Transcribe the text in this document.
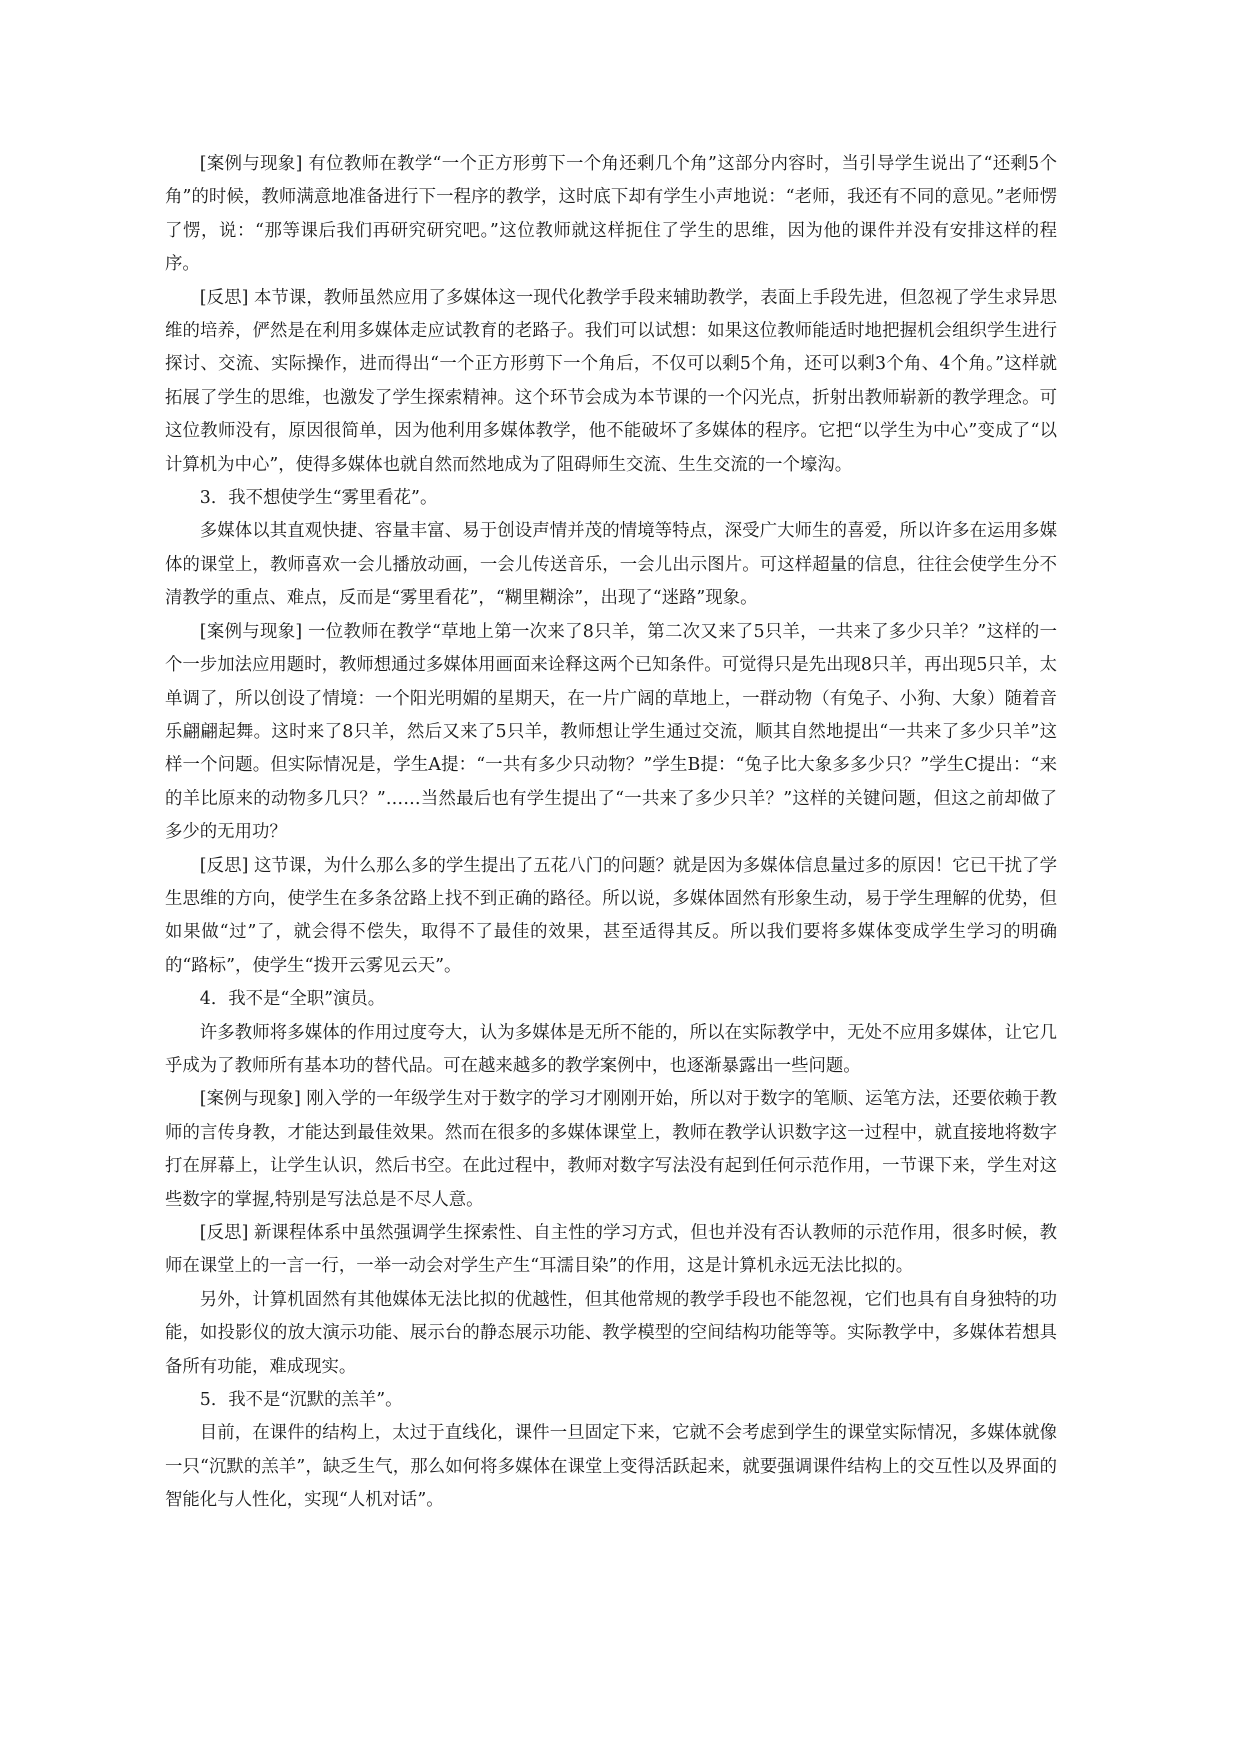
[案例与现象] 有位教师在教学“一个正方形剪下一个角还剩几个角”这部分内容时，当引导学生说出了“还剩5个角”的时候，教师满意地准备进行下一程序的教学，这时底下却有学生小声地说：“老师，我还有不同的意见。”老师愣了愣，说：“那等课后我们再研究研究吧。”这位教师就这样扼住了学生的思维，因为他的课件并没有安排这样的程序。

[反思] 本节课，教师虽然应用了多媒体这一现代化教学手段来辅助教学，表面上手段先进，但忽视了学生求异思维的培养，俨然是在利用多媒体走应试教育的老路子。我们可以试想：如果这位教师能适时地把握机会组织学生进行探讨、交流、实际操作，进而得出“一个正方形剪下一个角后，不仅可以剩5个角，还可以剩3个角、4个角。”这样就拓展了学生的思维，也激发了学生探索精神。这个环节会成为本节课的一个闪光点，折射出教师崭新的教学理念。可这位教师没有，原因很简单，因为他利用多媒体教学，他不能破坏了多媒体的程序。它把“以学生为中心”变成了“以计算机为中心”，使得多媒体也就自然而然地成为了阻碍师生交流、生生交流的一个壕沟。

3．我不想使学生“雾里看花”。

多媒体以其直观快捷、容量丰富、易于创设声情并茂的情境等特点，深受广大师生的喜爱，所以许多在运用多媒体的课堂上，教师喜欢一会儿播放动画，一会儿传送音乐，一会儿出示图片。可这样超量的信息，往往会使学生分不清教学的重点、难点，反而是“雾里看花”，“糊里糊涂”，出现了“迷路”现象。

[案例与现象] 一位教师在教学“草地上第一次来了8只羊，第二次又来了5只羊，一共来了多少只羊？”这样的一个一步加法应用题时，教师想通过多媒体用画面来诠释这两个已知条件。可觉得只是先出现8只羊，再出现5只羊，太单调了，所以创设了情境：一个阳光明媚的星期天，在一片广阔的草地上，一群动物（有兔子、小狗、大象）随着音乐翩翩起舞。这时来了8只羊，然后又来了5只羊，教师想让学生通过交流，顺其自然地提出“一共来了多少只羊”这样一个问题。但实际情况是，学生A提：“一共有多少只动物？”学生B提：“兔子比大象多多少只？”学生C提出：“来的羊比原来的动物多几只？”……当然最后也有学生提出了“一共来了多少只羊？”这样的关键问题，但这之前却做了多少的无用功？

[反思] 这节课，为什么那么多的学生提出了五花八门的问题？就是因为多媒体信息量过多的原因！它已干扰了学生思维的方向，使学生在多条岔路上找不到正确的路径。所以说，多媒体固然有形象生动，易于学生理解的优势，但如果做“过”了，就会得不偿失，取得不了最佳的效果，甚至适得其反。所以我们要将多媒体变成学生学习的明确的“路标”，使学生“拨开云雾见云天”。

4．我不是“全职”演员。

许多教师将多媒体的作用过度夸大，认为多媒体是无所不能的，所以在实际教学中，无处不应用多媒体，让它几乎成为了教师所有基本功的替代品。可在越来越多的教学案例中，也逐渐暴露出一些问题。

[案例与现象] 刚入学的一年级学生对于数字的学习才刚刚开始，所以对于数字的笔顺、运笔方法，还要依赖于教师的言传身教，才能达到最佳效果。然而在很多的多媒体课堂上，教师在教学认识数字这一过程中，就直接地将数字打在屏幕上，让学生认识，然后书空。在此过程中，教师对数字写法没有起到任何示范作用，一节课下来，学生对这些数字的掌握,特别是写法总是不尽人意。

[反思] 新课程体系中虽然强调学生探索性、自主性的学习方式，但也并没有否认教师的示范作用，很多时候，教师在课堂上的一言一行，一举一动会对学生产生“耳濡目染”的作用，这是计算机永远无法比拟的。

另外，计算机固然有其他媒体无法比拟的优越性，但其他常规的教学手段也不能忽视，它们也具有自身独特的功能，如投影仪的放大演示功能、展示台的静态展示功能、教学模型的空间结构功能等等。实际教学中，多媒体若想具备所有功能，难成现实。

5．我不是“沉默的羔羊”。

目前，在课件的结构上，太过于直线化，课件一旦固定下来，它就不会考虑到学生的课堂实际情况，多媒体就像一只“沉默的羔羊”，缺乏生气，那么如何将多媒体在课堂上变得活跃起来，就要强调课件结构上的交互性以及界面的智能化与人性化，实现“人机对话”。
